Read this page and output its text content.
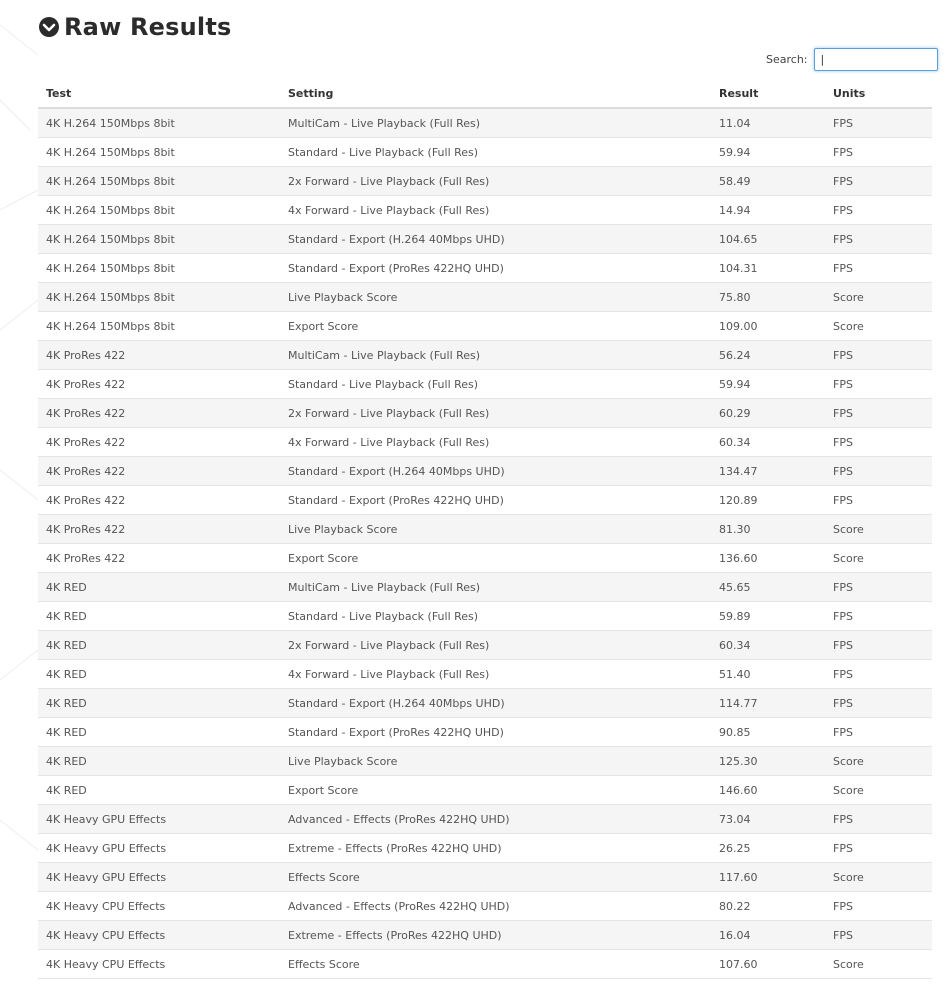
Raw Results
Search:
|
Test	Setting	Result	Units
4K H.264 150Mbps 8bit	MultiCam - Live Playback (Full Res)	11.04	FPS
4K H.264 150Mbps 8bit	Standard - Live Playback (Full Res)	59.94	FPS
4K H.264 150Mbps 8bit	2x Forward - Live Playback (Full Res)	58.49	FPS
4K H.264 150Mbps 8bit	4x Forward - Live Playback (Full Res)	14.94	FPS
4K H.264 150Mbps 8bit	Standard - Export (H.264 40Mbps UHD)	104.65	FPS
4K H.264 150Mbps 8bit	Standard - Export (ProRes 422HQ UHD)	104.31	FPS
4K H.264 150Mbps 8bit	Live Playback Score	75.80	Score
4K H.264 150Mbps 8bit	Export Score	109.00	Score
4K ProRes 422	MultiCam - Live Playback (Full Res)	56.24	FPS
4K ProRes 422	Standard - Live Playback (Full Res)	59.94	FPS
4K ProRes 422	2x Forward - Live Playback (Full Res)	60.29	FPS
4K ProRes 422	4x Forward - Live Playback (Full Res)	60.34	FPS
4K ProRes 422	Standard - Export (H.264 40Mbps UHD)	134.47	FPS
4K ProRes 422	Standard - Export (ProRes 422HQ UHD)	120.89	FPS
4K ProRes 422	Live Playback Score	81.30	Score
4K ProRes 422	Export Score	136.60	Score
4K RED	MultiCam - Live Playback (Full Res)	45.65	FPS
4K RED	Standard - Live Playback (Full Res)	59.89	FPS
4K RED	2x Forward - Live Playback (Full Res)	60.34	FPS
4K RED	4x Forward - Live Playback (Full Res)	51.40	FPS
4K RED	Standard - Export (H.264 40Mbps UHD)	114.77	FPS
4K RED	Standard - Export (ProRes 422HQ UHD)	90.85	FPS
4K RED	Live Playback Score	125.30	Score
4K RED	Export Score	146.60	Score
4K Heavy GPU Effects	Advanced - Effects (ProRes 422HQ UHD)	73.04	FPS
4K Heavy GPU Effects	Extreme - Effects (ProRes 422HQ UHD)	26.25	FPS
4K Heavy GPU Effects	Effects Score	117.60	Score
4K Heavy CPU Effects	Advanced - Effects (ProRes 422HQ UHD)	80.22	FPS
4K Heavy CPU Effects	Extreme - Effects (ProRes 422HQ UHD)	16.04	FPS
4K Heavy CPU Effects	Effects Score	107.60	Score
